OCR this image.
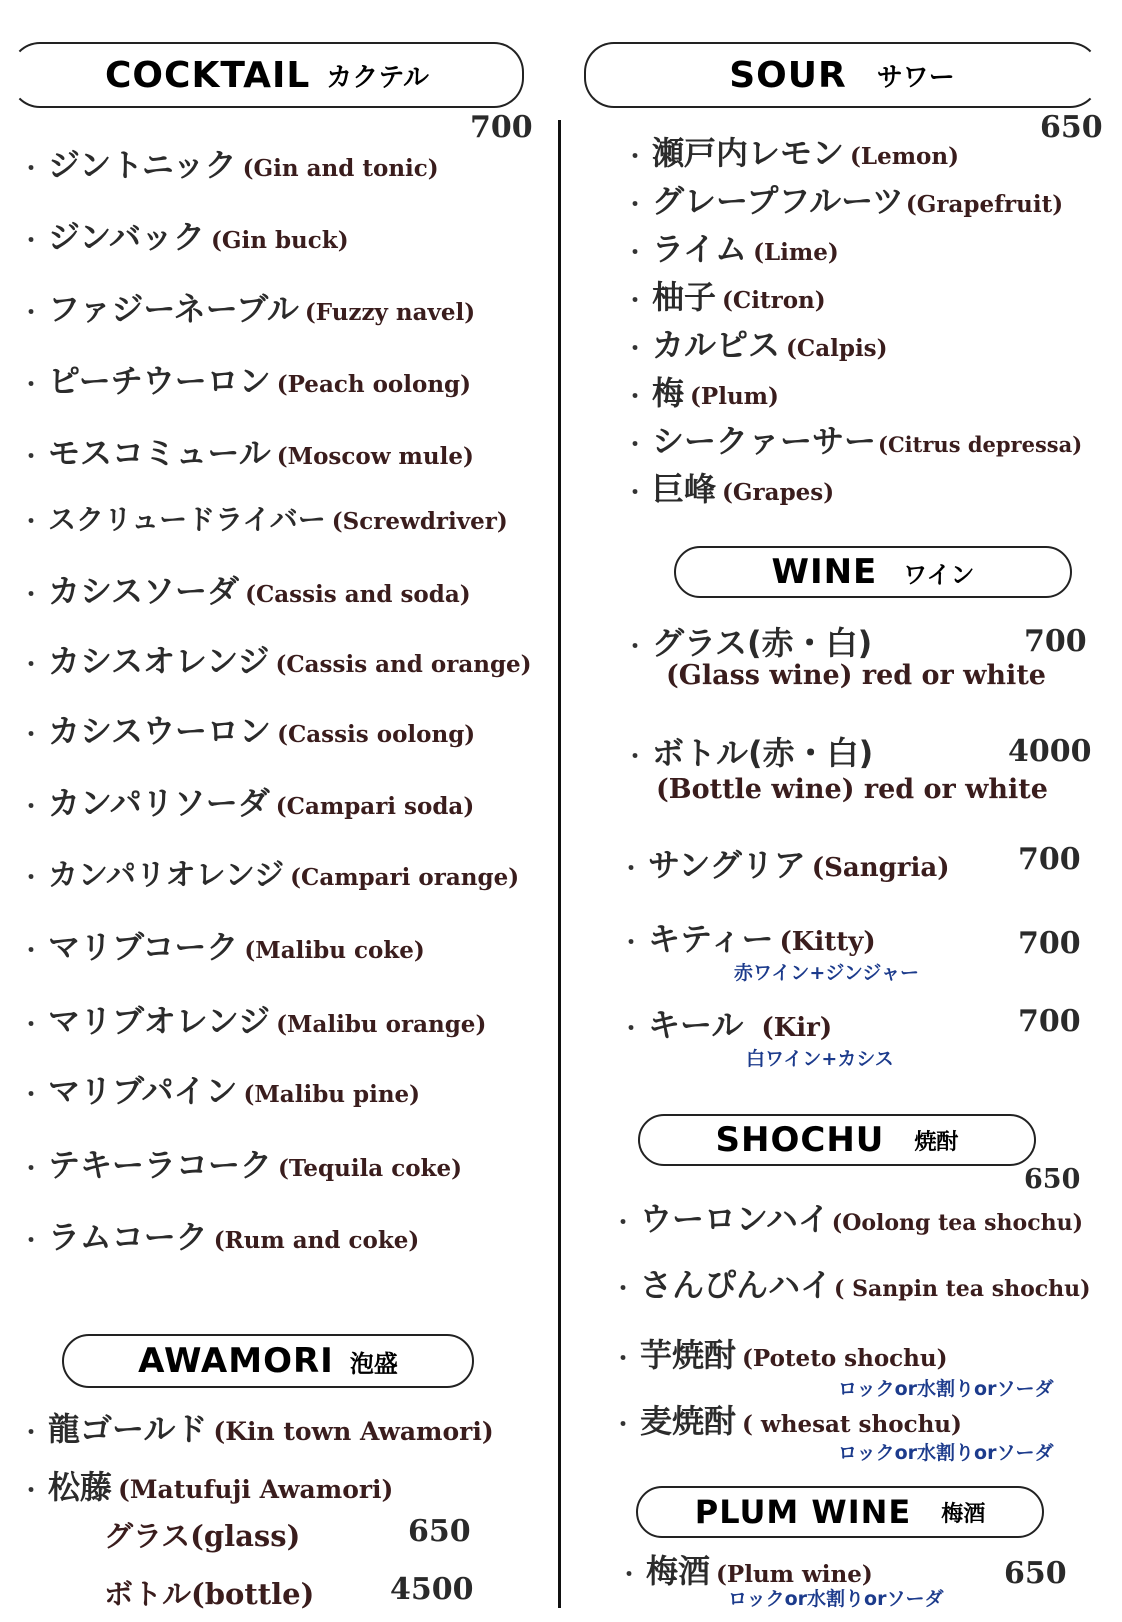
COCKTAIL カクテル
700
・ ジントニック (Gin and tonic)
・ ジンバック (Gin buck)
・ ファジーネーブル (Fuzzy navel)
・ ピーチウーロン (Peach oolong)
・ モスコミュール (Moscow mule)
・ スクリュードライバー (Screwdriver)
・ カシスソーダ (Cassis and soda)
・ カシスオレンジ (Cassis and orange)
・ カシスウーロン (Cassis oolong)
・ カンパリソーダ (Campari soda)
・ カンパリオレンジ (Campari orange)
・ マリブコーク (Malibu coke)
・ マリブオレンジ (Malibu orange)
・ マリブパイン (Malibu pine)
・ テキーラコーク (Tequila coke)
・ ラムコーク (Rum and coke)
AWAMORI 泡盛
・ 龍ゴールド (Kin town Awamori)
・ 松藤 (Matufuji Awamori)
グラス(glass)	650
ボトル(bottle)	4500
SOUR サワー
650
・ 瀬戸内レモン (Lemon)
・ グレープフルーツ(Grapefruit)
・ ライム (Lime)
・ 柚子 (Citron)
・ カルピス (Calpis)
・ 梅 (Plum)
・ シークァーサー(Citrus depressa)
・ 巨峰 (Grapes)
WINE ワイン
・ グラス(赤・白)	700
(Glass wine) red or white
・ ボトル(赤・白)	4000
(Bottle wine) red or white
・ サングリア (Sangria) 700
・ キティー (Kitty)	700
赤ワイン+ジンジャー
・ キール (Kir)	700
白ワイン+カシス
SHOCHU 焼酎
650
・ ウーロンハイ(Oolong tea shochu)
・ さんぴんハイ( Sanpin tea shochu)
・ 芋焼酎 (Poteto shochu)
ロックor水割りorソーダ
・ 麦焼酎 ( whesat shochu)
ロックor水割りorソーダ
PLUM WINE 梅酒
・ 梅酒 (Plum wine)
ロックor水割りorソーダ
650
